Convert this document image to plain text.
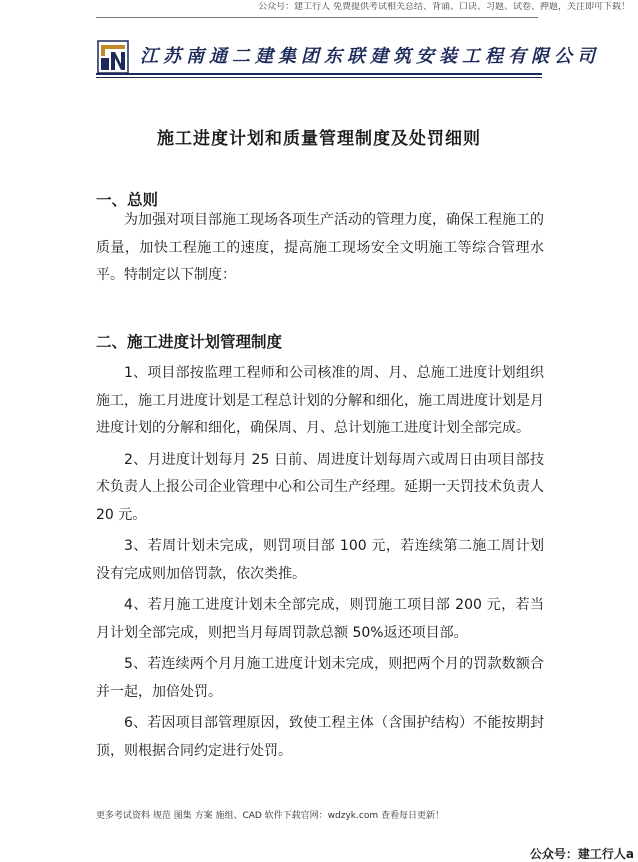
公众号：建工行人 免费提供考试相关总结、背诵、口诀、习题、试卷、押题，关注即可下载！
江苏南通二建集团东联建筑安装工程有限公司
施工进度计划和质量管理制度及处罚细则
一、总则

为加强对项目部施工现场各项生产活动的管理力度，确保工程施工的质量，加快工程施工的速度，提高施工现场安全文明施工等综合管理水平。特制定以下制度：

二、施工进度计划管理制度

1、项目部按监理工程师和公司核准的周、月、总施工进度计划组织施工，施工月进度计划是工程总计划的分解和细化，施工周进度计划是月进度计划的分解和细化，确保周、月、总计划施工进度计划全部完成。

2、月进度计划每月 25 日前、周进度计划每周六或周日由项目部技术负责人上报公司企业管理中心和公司生产经理。延期一天罚技术负责人 20 元。

3、若周计划未完成，则罚项目部 100 元，若连续第二施工周计划没有完成则加倍罚款，依次类推。

4、若月施工进度计划未全部完成，则罚施工项目部 200 元，若当月计划全部完成，则把当月每周罚款总额 50%返还项目部。

5、若连续两个月月施工进度计划未完成，则把两个月的罚款数额合并一起，加倍处罚。

6、若因项目部管理原因，致使工程主体（含围护结构）不能按期封顶，则根据合同约定进行处罚。

更多考试资料 规范 图集 方案 施组、CAD 软件下载官网：wdzyk.com 查看每日更新！
公众号：建工行人a
